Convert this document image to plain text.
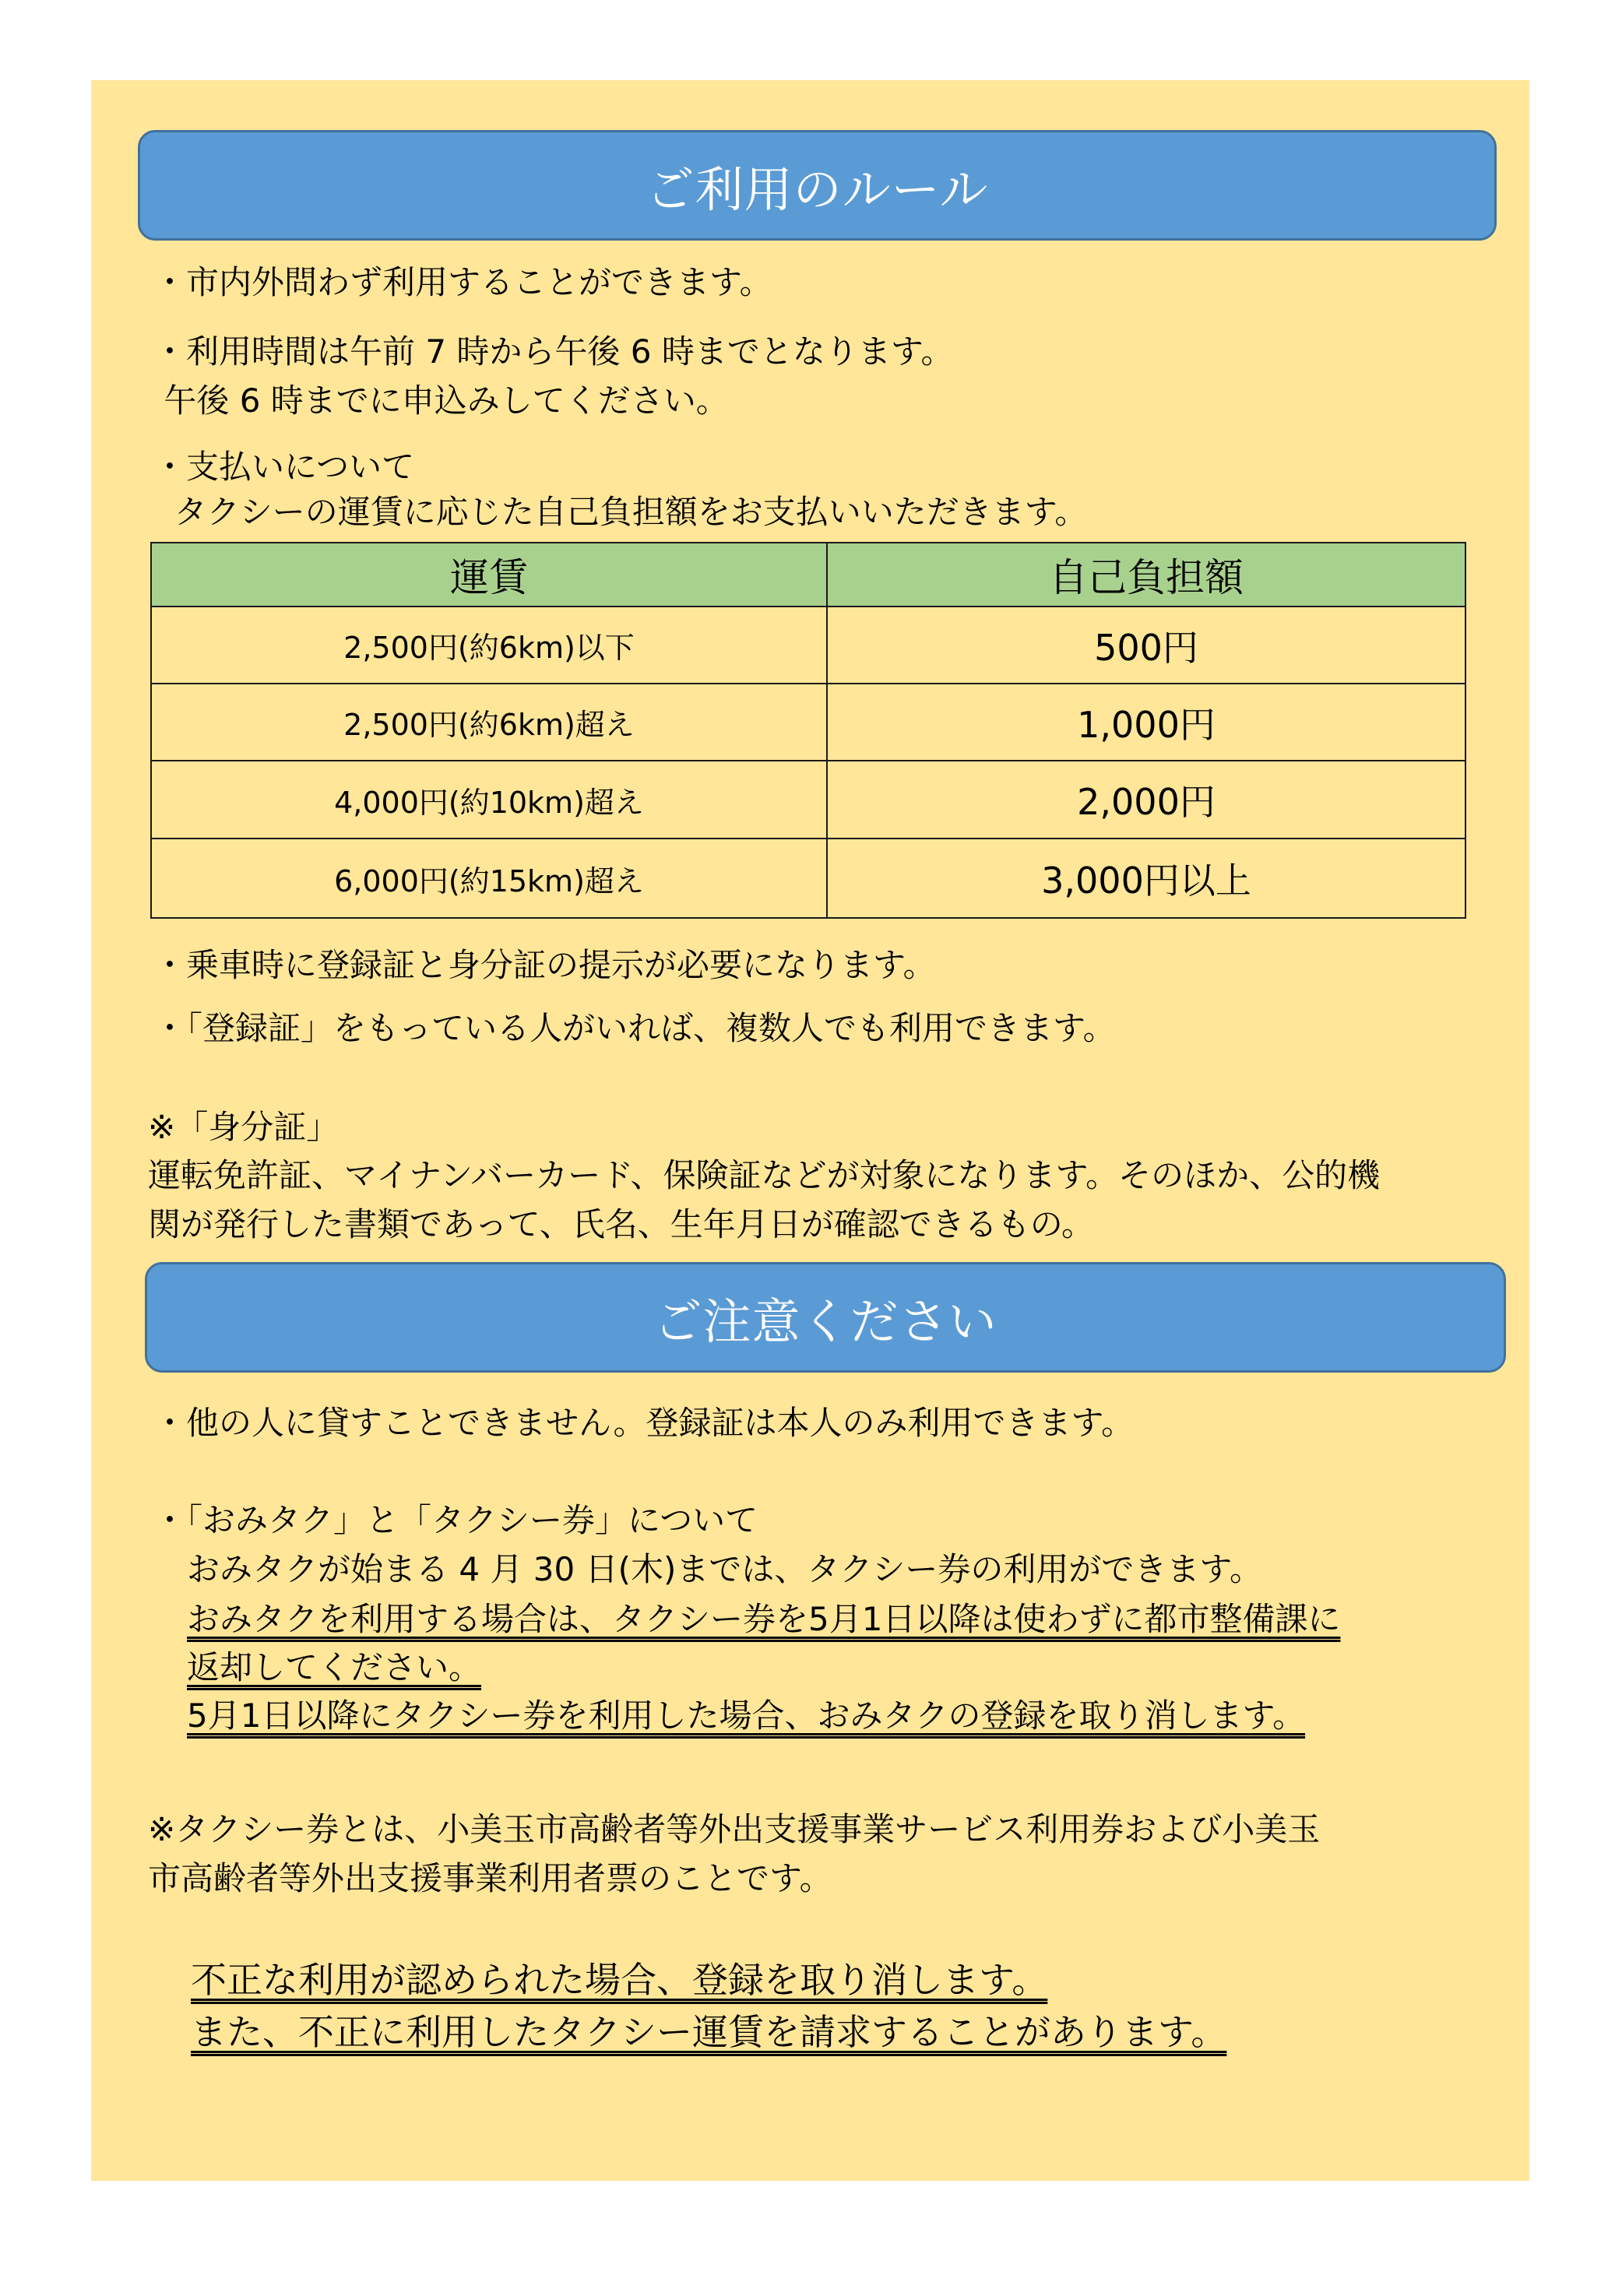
ご利用のルール
・市内外問わず利用することができます。
・利用時間は午前 7 時から午後 6 時までとなります。
午後 6 時までに申込みしてください。
・支払いについて
タクシーの運賃に応じた自己負担額をお支払いいただきます。
運賃	自己負担額
2,500円(約6km)以下	500円
2,500円(約6km)超え	1,000円
4,000円(約10km)超え	2,000円
6,000円(約15km)超え	3,000円以上
・乗車時に登録証と身分証の提示が必要になります。
・「登録証」をもっている人がいれば、複数人でも利用できます。
※「身分証」
運転免許証、マイナンバーカード、保険証などが対象になります。そのほか、公的機
関が発行した書類であって、氏名、生年月日が確認できるもの。
ご注意ください
・他の人に貸すことできません。登録証は本人のみ利用できます。
・「おみタク」と「タクシー券」について
おみタクが始まる 4 月 30 日(木)までは、タクシー券の利用ができます。
おみタクを利用する場合は、タクシー券を5月1日以降は使わずに都市整備課に
返却してください。
5月1日以降にタクシー券を利用した場合、おみタクの登録を取り消します。
※タクシー券とは、小美玉市高齢者等外出支援事業サービス利用券および小美玉
市高齢者等外出支援事業利用者票のことです。
不正な利用が認められた場合、登録を取り消します。
また、不正に利用したタクシー運賃を請求することがあります。
